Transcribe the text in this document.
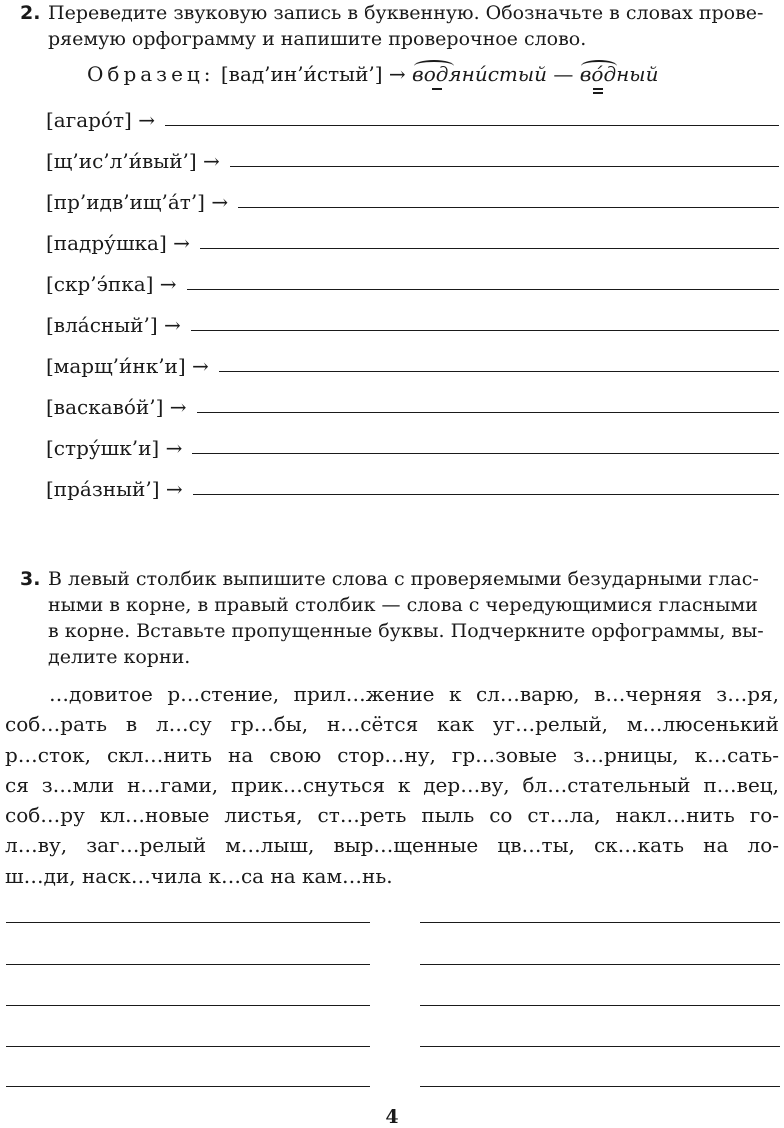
2. Переведите звуковую запись в буквенную. Обозначьте в словах прове-
ряемую орфограмму и напишите проверочное слово.
Образец: [вад’ин’и́стый’] → водяни́стый — во́дный
[агаро́т] →
[щ’ис’л’и́вый’] →
[пр’идв’ищ’а́т’] →
[падру́шка] →
[скр’э́пка] →
[вла́сный’] →
[марщ’и́нк’и] →
[васкаво́й’] →
[стру́шк’и] →
[пра́зный’] →
3. В левый столбик выпишите слова с проверяемыми безударными глас-
ными в корне, в правый столбик — слова с чередующимися гласными
в корне. Вставьте пропущенные буквы. Подчеркните орфограммы, вы-
делите корни.
…довитое р…стение, прил…жение к сл…варю, в…черняя з…ря,
соб…рать в л…су гр…бы, н…сётся как уг…релый, м…люсенький
р…сток, скл…нить на свою стор…ну, гр…зовые з…рницы, к…сать-
ся з…мли н…гами, прик…снуться к дер…ву, бл…стательный п…вец,
соб…ру кл…новые листья, ст…реть пыль со ст…ла, накл…нить го-
л…ву, заг…релый м…лыш, выр…щенные цв…ты, ск…кать на ло-
ш…ди, наск…чила к…са на кам…нь.
4
